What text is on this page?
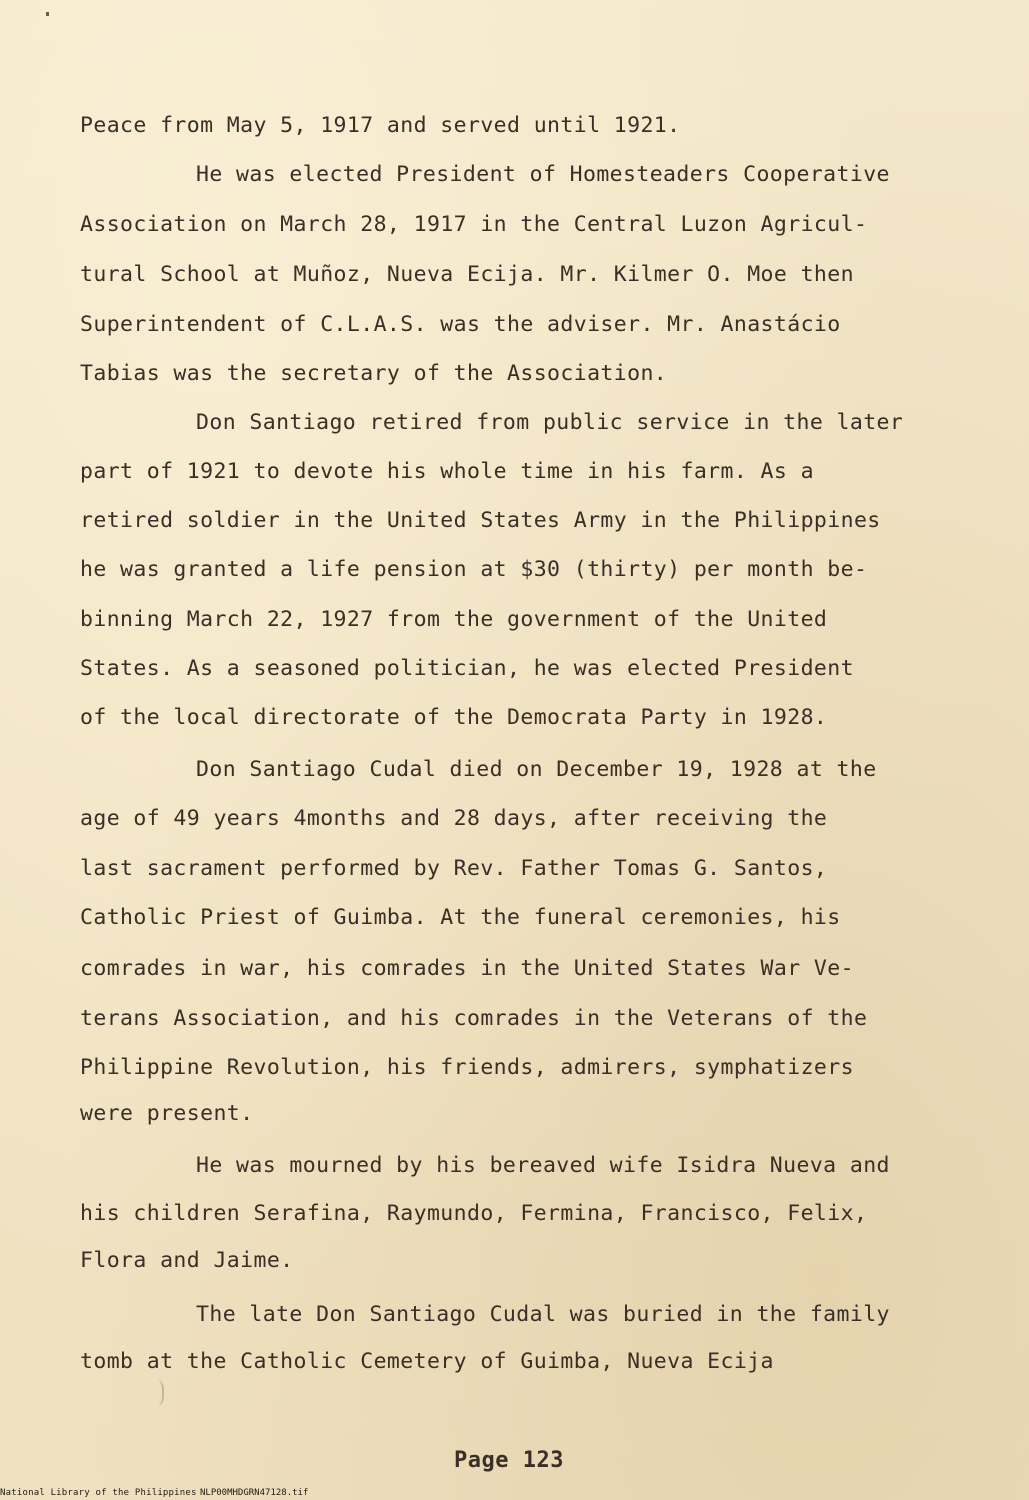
Peace from May 5, 1917 and served until 1921.
He was elected President of Homesteaders Cooperative
Association on March 28, 1917 in the Central Luzon Agricul-
tural School at Muñoz, Nueva Ecija. Mr. Kilmer O. Moe then
Superintendent of C.L.A.S. was the adviser. Mr. Anastácio
Tabias was the secretary of the Association.
Don Santiago retired from public service in the later
part of 1921 to devote his whole time in his farm. As a
retired soldier in the United States Army in the Philippines
he was granted a life pension at $30 (thirty) per month be-
binning March 22, 1927 from the government of the United
States. As a seasoned politician, he was elected President
of the local directorate of the Democrata Party in 1928.
Don Santiago Cudal died on December 19, 1928 at the
age of 49 years 4months and 28 days, after receiving the
last sacrament performed by Rev. Father Tomas G. Santos,
Catholic Priest of Guimba. At the funeral ceremonies, his
comrades in war, his comrades in the United States War Ve-
terans Association, and his comrades in the Veterans of the
Philippine Revolution, his friends, admirers, symphatizers
were present.
He was mourned by his bereaved wife Isidra Nueva and
his children Serafina, Raymundo, Fermina, Francisco, Felix,
Flora and Jaime.
The late Don Santiago Cudal was buried in the family
tomb at the Catholic Cemetery of Guimba, Nueva Ecija
Page 123
National Library of the Philippines NLP00MHDGRN47128.tif
